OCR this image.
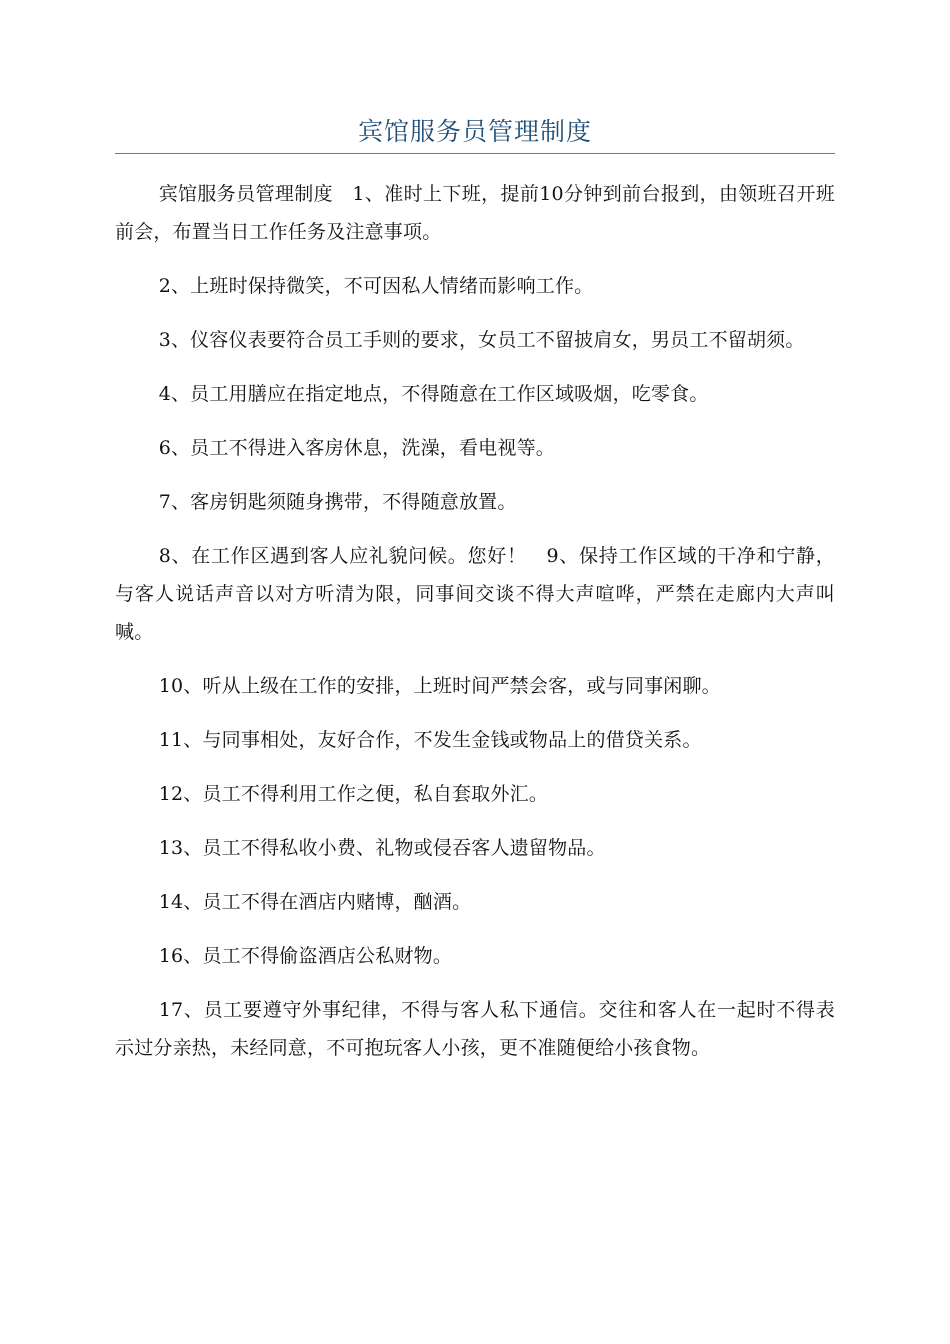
宾馆服务员管理制度

宾馆服务员管理制度　1、准时上下班，提前10分钟到前台报到，由领班召开班前会，布置当日工作任务及注意事项。

2、上班时保持微笑，不可因私人情绪而影响工作。

3、仪容仪表要符合员工手则的要求，女员工不留披肩女，男员工不留胡须。

4、员工用膳应在指定地点，不得随意在工作区域吸烟，吃零食。

6、员工不得进入客房休息，洗澡，看电视等。

7、客房钥匙须随身携带，不得随意放置。

8、在工作区遇到客人应礼貌问候。您好！　9、保持工作区域的干净和宁静，与客人说话声音以对方听清为限，同事间交谈不得大声喧哗，严禁在走廊内大声叫喊。

10、听从上级在工作的安排，上班时间严禁会客，或与同事闲聊。

11、与同事相处，友好合作，不发生金钱或物品上的借贷关系。

12、员工不得利用工作之便，私自套取外汇。

13、员工不得私收小费、礼物或侵吞客人遗留物品。

14、员工不得在酒店内赌博，酗酒。

16、员工不得偷盗酒店公私财物。

17、员工要遵守外事纪律，不得与客人私下通信。交往和客人在一起时不得表示过分亲热，未经同意，不可抱玩客人小孩，更不准随便给小孩食物。
